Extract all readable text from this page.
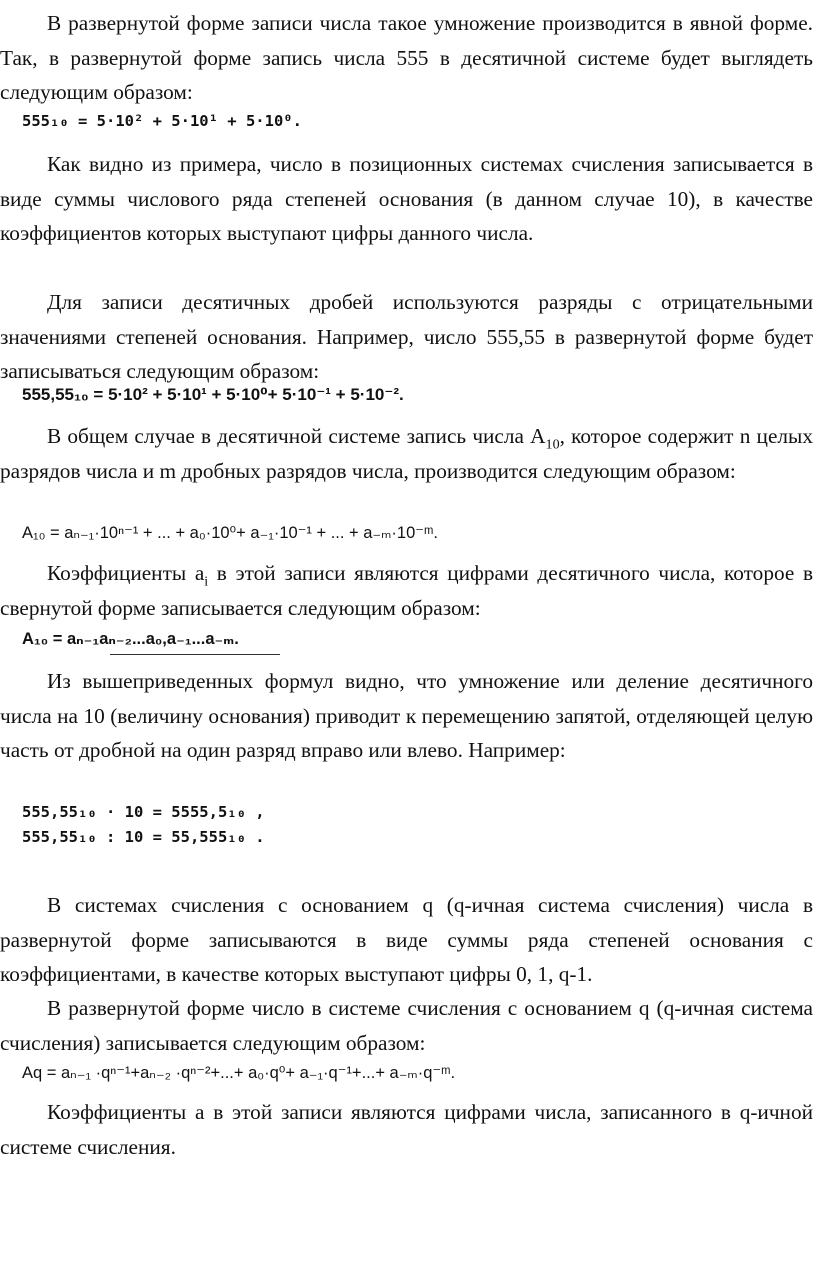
В развернутой форме записи числа такое умножение производится в явной форме. Так, в развернутой форме запись числа 555 в десятичной системе будет выглядеть следующим образом:

555₁₀ = 5·10² + 5·10¹ + 5·10⁰.

Как видно из примера, число в позиционных системах счисления записывается в виде суммы числового ряда степеней основания (в данном случае 10), в качестве коэффициентов которых выступают цифры данного числа.

Для записи десятичных дробей используются разряды с отрицательными значениями степеней основания. Например, число 555,55 в развернутой форме будет записываться следующим образом:

555,55₁₀ = 5·10² + 5·10¹ + 5·10⁰+ 5·10⁻¹ + 5·10⁻².

В общем случае в десятичной системе запись числа $A_{10}$, которое содержит n целых разрядов числа и m дробных разрядов числа, производится следующим образом:

A₁₀ = aₙ₋₁·10ⁿ⁻¹ + ... + a₀·10⁰+ a₋₁·10⁻¹ + ... + a₋ₘ·10⁻ᵐ.

Коэффициенты $a_i$ в этой записи являются цифрами десятичного числа, которое в свернутой форме записывается следующим образом:

A₁₀ = aₙ₋₁aₙ₋₂...a₀,a₋₁...a₋ₘ.

Из вышеприведенных формул видно, что умножение или деление десятичного числа на 10 (величину основания) приводит к перемещению запятой, отделяющей целую часть от дробной на один разряд вправо или влево. Например:

555,55₁₀ · 10 = 5555,5₁₀ ,
555,55₁₀ : 10 = 55,555₁₀ .

В системах счисления с основанием q (q-ичная система счисления) числа в развернутой форме записываются в виде суммы ряда степеней основания с коэффициентами, в качестве которых выступают цифры 0, 1, q-1.

В развернутой форме число в системе счисления с основанием q (q-ичная система счисления) записывается следующим образом:

Aq = aₙ₋₁ ·qⁿ⁻¹+aₙ₋₂ ·qⁿ⁻²+...+ a₀·q⁰+ a₋₁·q⁻¹+...+ a₋ₘ·q⁻ᵐ.

Коэффициенты a в этой записи являются цифрами числа, записанного в q-ичной системе счисления.
